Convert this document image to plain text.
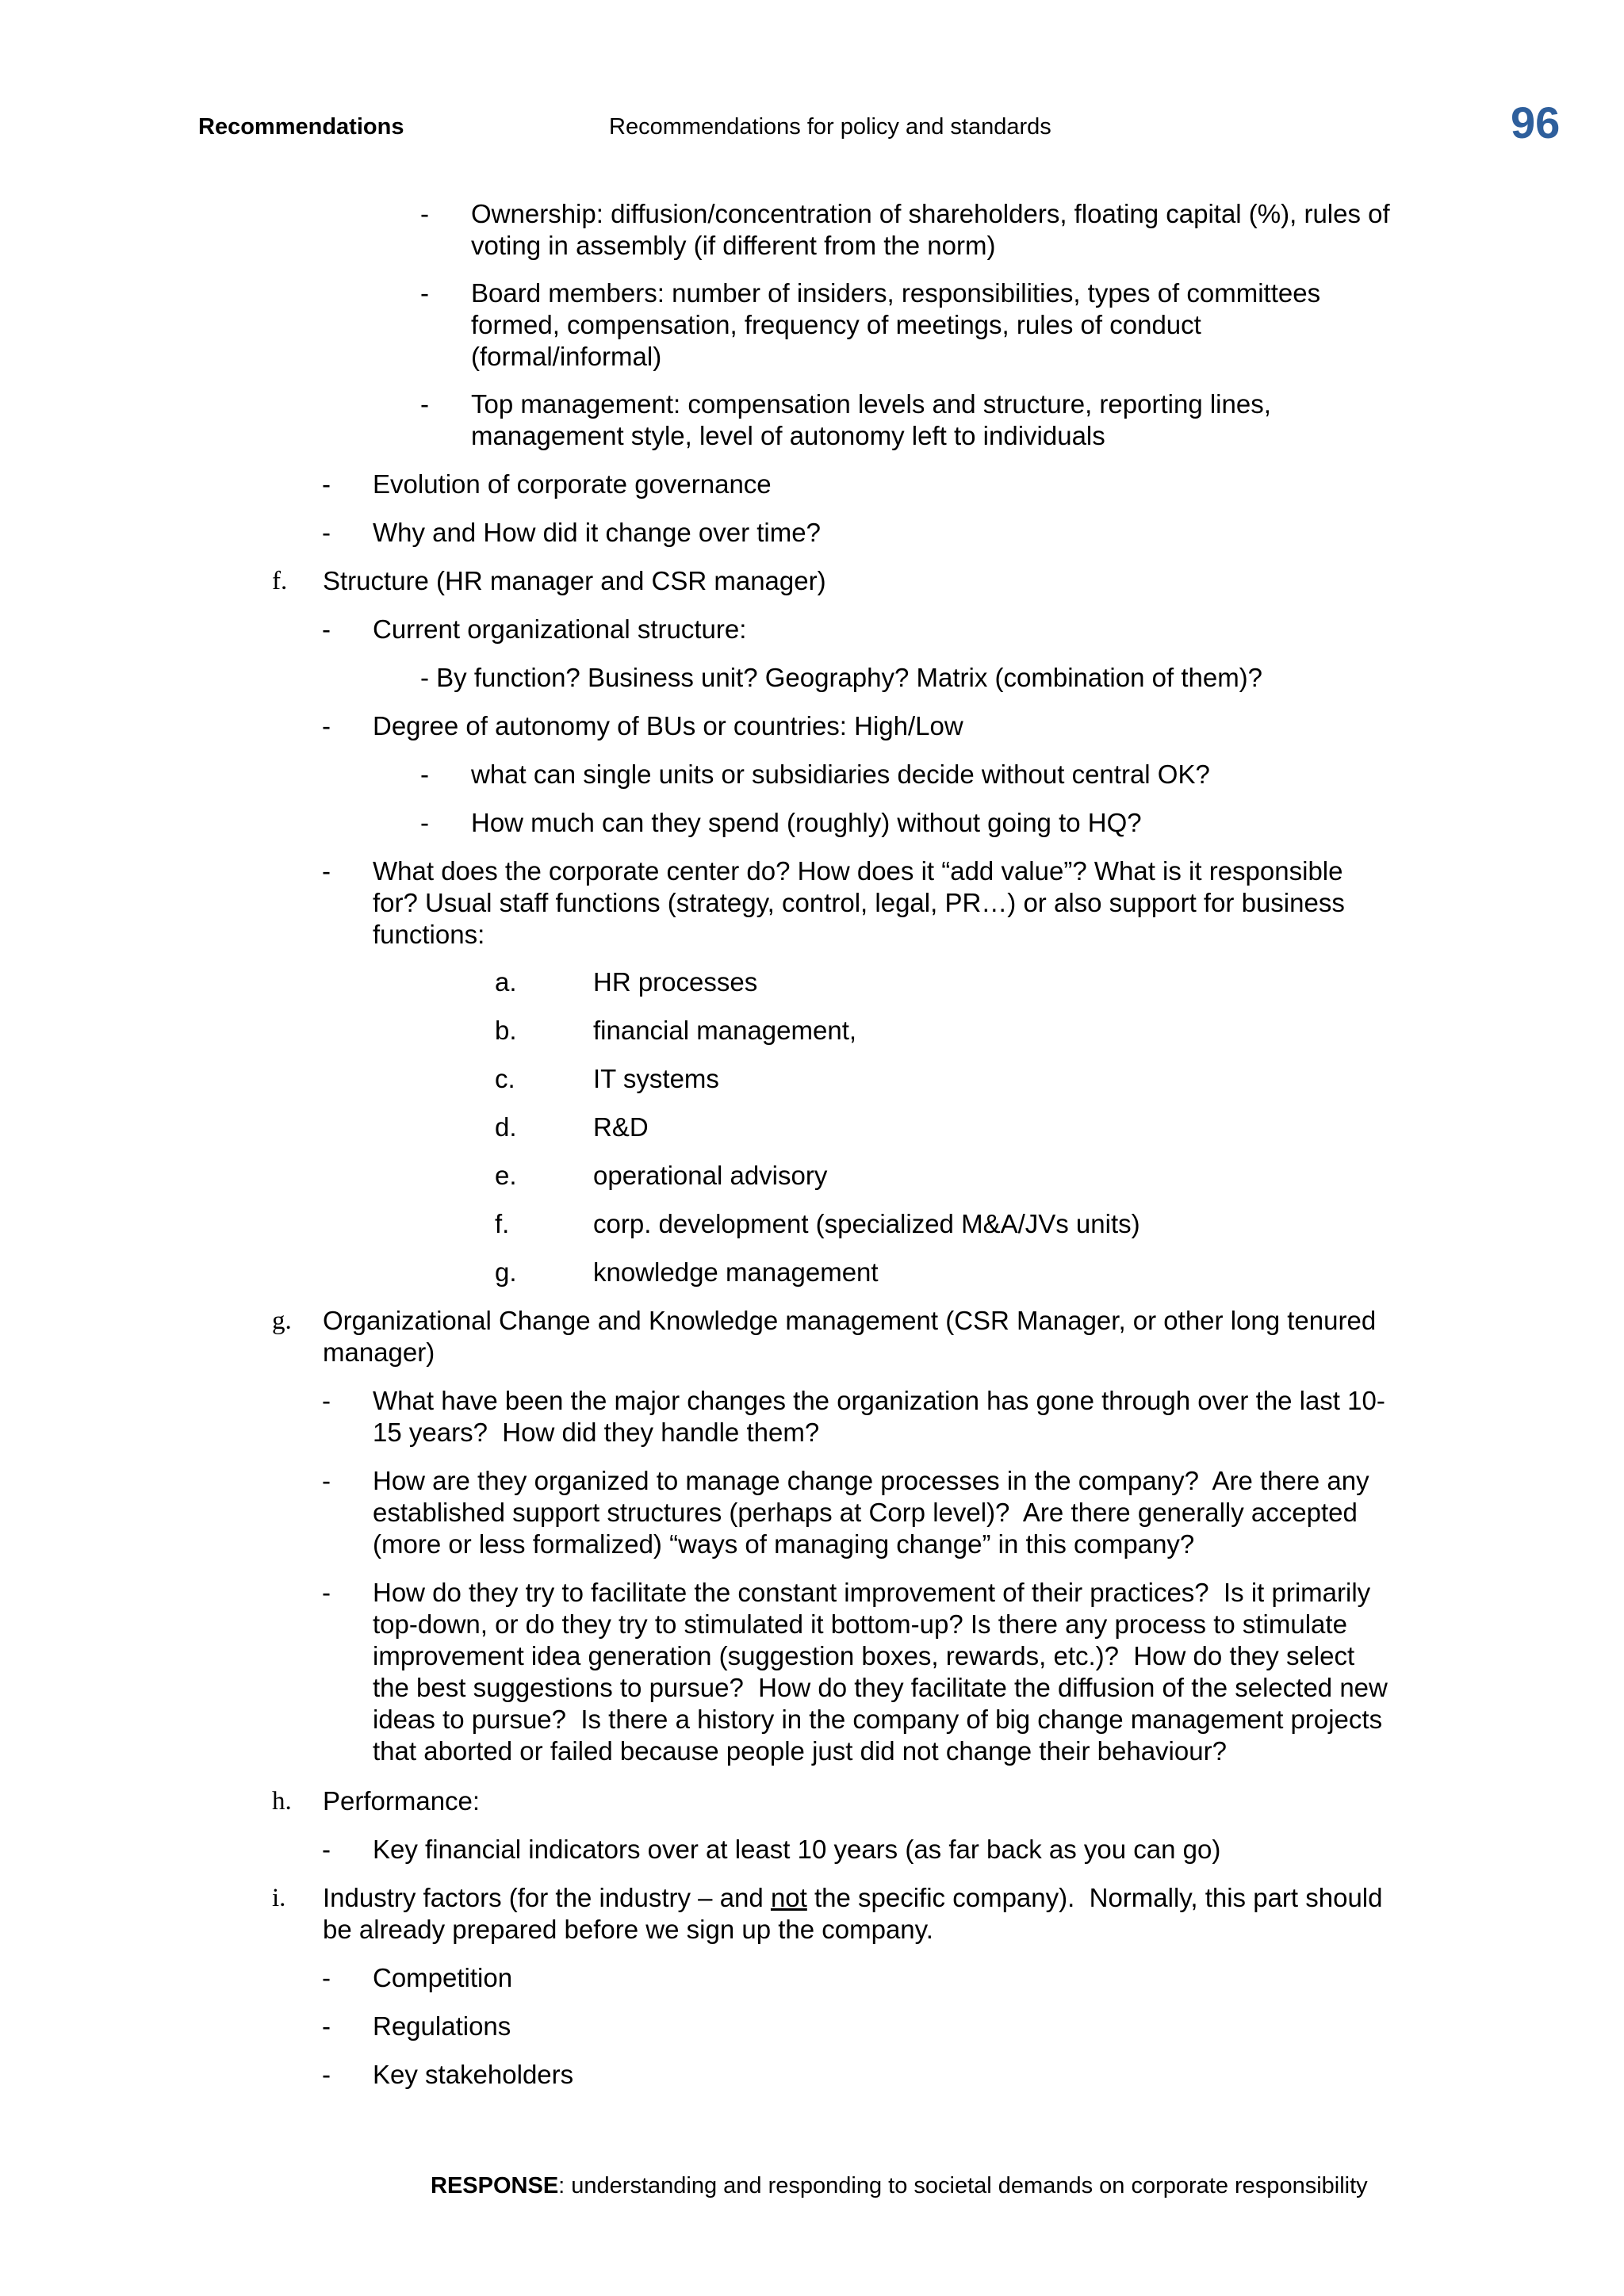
Recommendations	Recommendations for policy and standards	96
- Ownership: diffusion/concentration of shareholders, floating capital (%), rules of
voting in assembly (if different from the norm)
- Board members: number of insiders, responsibilities, types of committees
formed, compensation, frequency of meetings, rules of conduct
(formal/informal)
- Top management: compensation levels and structure, reporting lines,
management style, level of autonomy left to individuals
- Evolution of corporate governance
- Why and How did it change over time?
f. Structure (HR manager and CSR manager)
- Current organizational structure:
- By function? Business unit? Geography? Matrix (combination of them)?
- Degree of autonomy of BUs or countries: High/Low
- what can single units or subsidiaries decide without central OK?
- How much can they spend (roughly) without going to HQ?
- What does the corporate center do? How does it “add value”? What is it responsible
for? Usual staff functions (strategy, control, legal, PR…) or also support for business
functions:
a.	HR processes
b.	financial management,
c.	IT systems
d.	R&D
e.	operational advisory
f.	corp. development (specialized M&A/JVs units)
g.	knowledge management
g. Organizational Change and Knowledge management (CSR Manager, or other long tenured
manager)
- What have been the major changes the organization has gone through over the last 10-
15 years?  How did they handle them?
- How are they organized to manage change processes in the company?  Are there any
established support structures (perhaps at Corp level)?  Are there generally accepted
(more or less formalized) “ways of managing change” in this company?
- How do they try to facilitate the constant improvement of their practices?  Is it primarily
top-down, or do they try to stimulated it bottom-up? Is there any process to stimulate
improvement idea generation (suggestion boxes, rewards, etc.)?  How do they select
the best suggestions to pursue?  How do they facilitate the diffusion of the selected new
ideas to pursue?  Is there a history in the company of big change management projects
that aborted or failed because people just did not change their behaviour?
h. Performance:
- Key financial indicators over at least 10 years (as far back as you can go)
i. Industry factors (for the industry – and not the specific company).  Normally, this part should
be already prepared before we sign up the company.
- Competition
- Regulations
- Key stakeholders
RESPONSE: understanding and responding to societal demands on corporate responsibility
